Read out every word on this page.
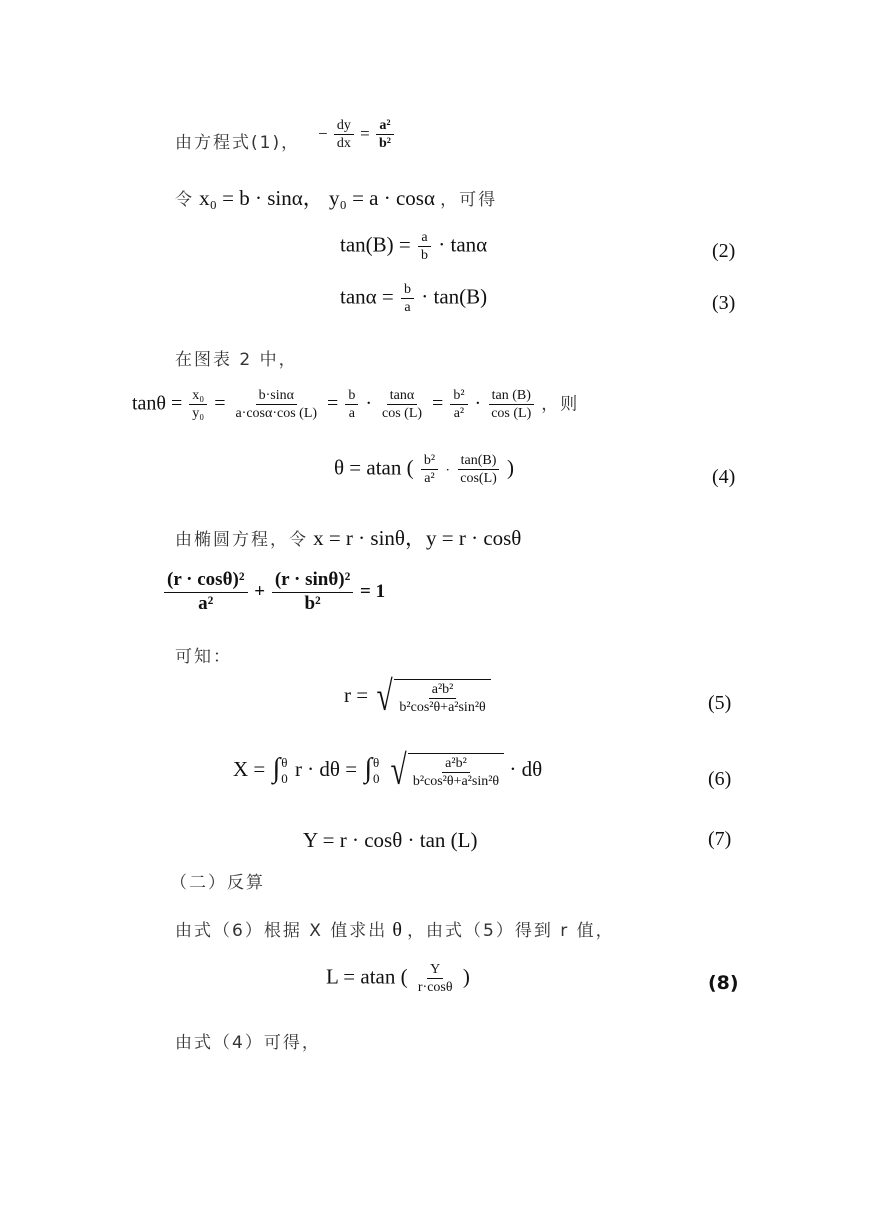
由方程式(1)， − $\frac{dy}{dx} = \frac{\text{a²}}{\text{b²}}$
令 x₀ = b · sinα， y₀ = a · cosα ，可得
$\tan(B) = \frac{a}{b} \cdot \tan\alpha$	(2)
$\tan\alpha = \frac{b}{a} \cdot \tan(B)$	(3)
在图表 2 中，
$\tan\theta = \frac{\text{x₀}}{\text{y₀}} = \frac{b\cdot\sin\alpha}{a\cdot\cos\alpha\cdot\cos (L)} = \frac{b}{a} \cdot \frac{\tan\alpha}{\cos (L)} = \frac{\text{b²}}{\text{a²}} \cdot \frac{\tan (B)}{\cos (L)}$ ，则
θ = atan ( $\frac{\text{b²}}{\text{a²}} \cdot \frac{\tan(B)}{\cos(L)}$ )	(4)
由椭圆方程，令 x = r · sinθ，y = r · cosθ
$\frac{\text{(r · cosθ)²}}{\text{a²}} + \frac{\text{(r · sinθ)²}}{\text{b²}} = 1$
可知：
r = √ $\frac{\text{a²b²}}{\text{b²cos²θ+a²sin²θ}}$	(5)
X = ∫ θ
0 r · dθ = ∫ θ
0
√ $\frac{\text{a²b²}}{\text{b²cos²θ+a²sin²θ}} \cdot d\theta$	(6)
Y = r · cosθ · tan (L)	(7)
（二）反算
由式（6）根据 X 值求出 θ ，由式（5）得到 r 值，
L = atan ( $\frac{Y}{r\cdot\cos\theta}$ )	(8)
由式（4）可得，
